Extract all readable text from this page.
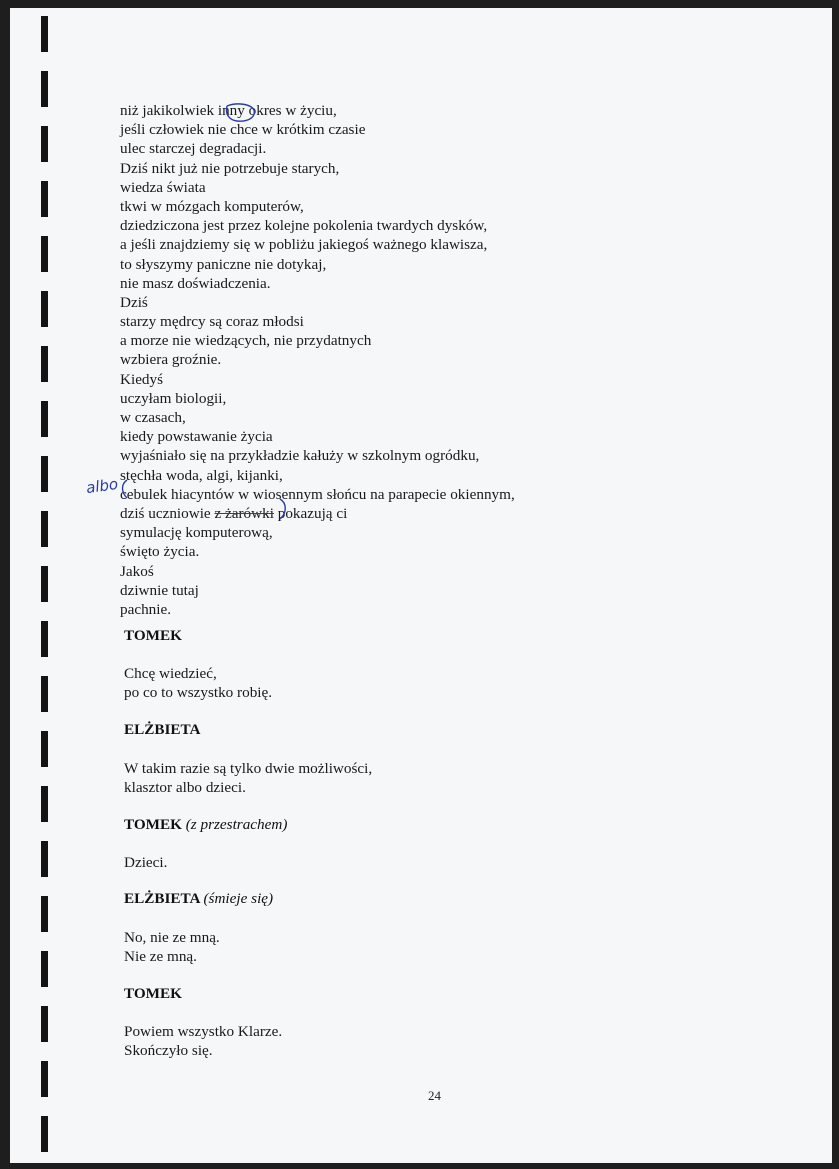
niż jakikolwiek inny okres w życiu,
jeśli człowiek nie chce w krótkim czasie
ulec starczej degradacji.
Dziś nikt już nie potrzebuje starych,
wiedza świata
tkwi w mózgach komputerów,
dziedziczona jest przez kolejne pokolenia twardych dysków,
a jeśli znajdziemy się w pobliżu jakiegoś ważnego klawisza,
to słyszymy paniczne nie dotykaj,
nie masz doświadczenia.
Dziś
starzy mędrcy są coraz młodsi
a morze nie wiedzących, nie przydatnych
wzbiera groźnie.
Kiedyś
uczyłam biologii,
w czasach,
kiedy powstawanie życia
wyjaśniało się na przykładzie kałuży w szkolnym ogródku,
stęchła woda, algi, kijanki,
cebulek hiacyntów w wiosennym słońcu na parapecie okiennym,
dziś uczniowie z żarówki pokazują ci
symulację komputerową,
święto życia.
Jakoś
dziwnie tutaj
pachnie.
albo
TOMEK
Chcę wiedzieć,
po co to wszystko robię.
ELŻBIETA
W takim razie są tylko dwie możliwości,
klasztor albo dzieci.
TOMEK (z przestrachem)
Dzieci.
ELŻBIETA (śmieje się)
No, nie ze mną.
Nie ze mną.
TOMEK
Powiem wszystko Klarze.
Skończyło się.
24
